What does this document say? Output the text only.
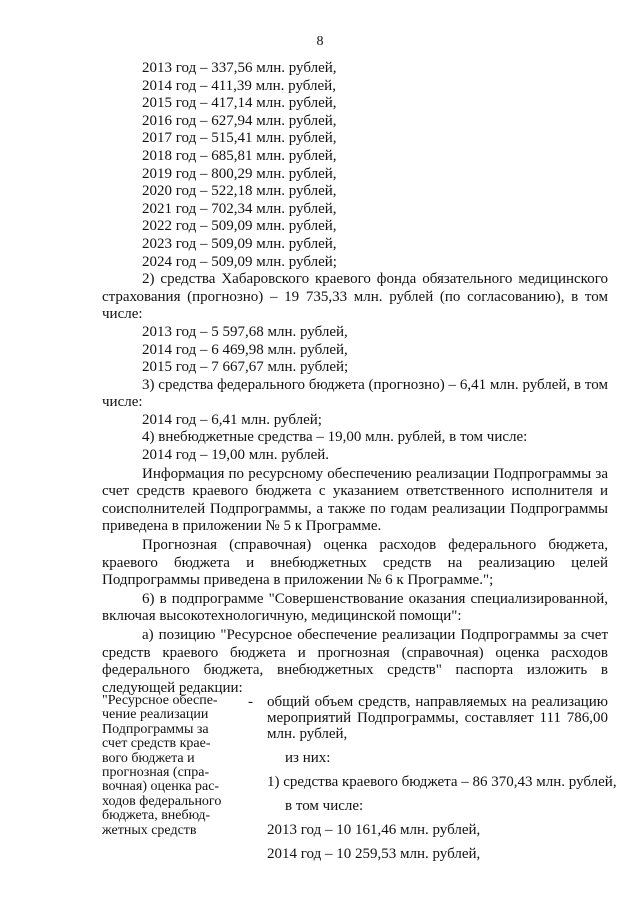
8
2013 год – 337,56 млн. рублей,
2014 год – 411,39 млн. рублей,
2015 год – 417,14 млн. рублей,
2016 год – 627,94 млн. рублей,
2017 год – 515,41 млн. рублей,
2018 год – 685,81 млн. рублей,
2019 год – 800,29 млн. рублей,
2020 год – 522,18 млн. рублей,
2021 год – 702,34 млн. рублей,
2022 год – 509,09 млн. рублей,
2023 год – 509,09 млн. рублей,
2024 год – 509,09 млн. рублей;

2) средства Хабаровского краевого фонда обязательного медицинского страхования (прогнозно) – 19 735,33 млн. рублей (по согласованию), в том числе:

2013 год – 5 597,68 млн. рублей,
2014 год – 6 469,98 млн. рублей,
2015 год – 7 667,67 млн. рублей;

3) средства федерального бюджета (прогнозно) – 6,41 млн. рублей, в том числе:

2014 год – 6,41 млн. рублей;
4) внебюджетные средства – 19,00 млн. рублей, в том числе:
2014 год – 19,00 млн. рублей.

Информация по ресурсному обеспечению реализации Подпрограммы за счет средств краевого бюджета с указанием ответственного исполнителя и соисполнителей Подпрограммы, а также по годам реализации Подпрограммы приведена в приложении № 5 к Программе.

Прогнозная (справочная) оценка расходов федерального бюджета, краевого бюджета и внебюджетных средств на реализацию целей Подпрограммы приведена в приложении № 6 к Программе.";

6) в подпрограмме "Совершенствование оказания специализированной, включая высокотехнологичную, медицинской помощи":

а) позицию "Ресурсное обеспечение реализации Подпрограммы за счет средств краевого бюджета и прогнозная (справочная) оценка расходов федерального бюджета, внебюджетных средств" паспорта изложить в следующей редакции:

"Ресурсное обеспе-
чение реализации
Подпрограммы за
счет средств крае-
вого бюджета и
прогнозная (спра-
вочная) оценка рас-
ходов федерального
бюджета, внебюд-
жетных средств
- общий объем средств, направляемых на реализацию мероприятий Подпрограммы, составляет 111 786,00 млн. рублей,
из них:
1) средства краевого бюджета – 86 370,43 млн. рублей,
в том числе:
2013 год – 10 161,46 млн. рублей,
2014 год – 10 259,53 млн. рублей,
